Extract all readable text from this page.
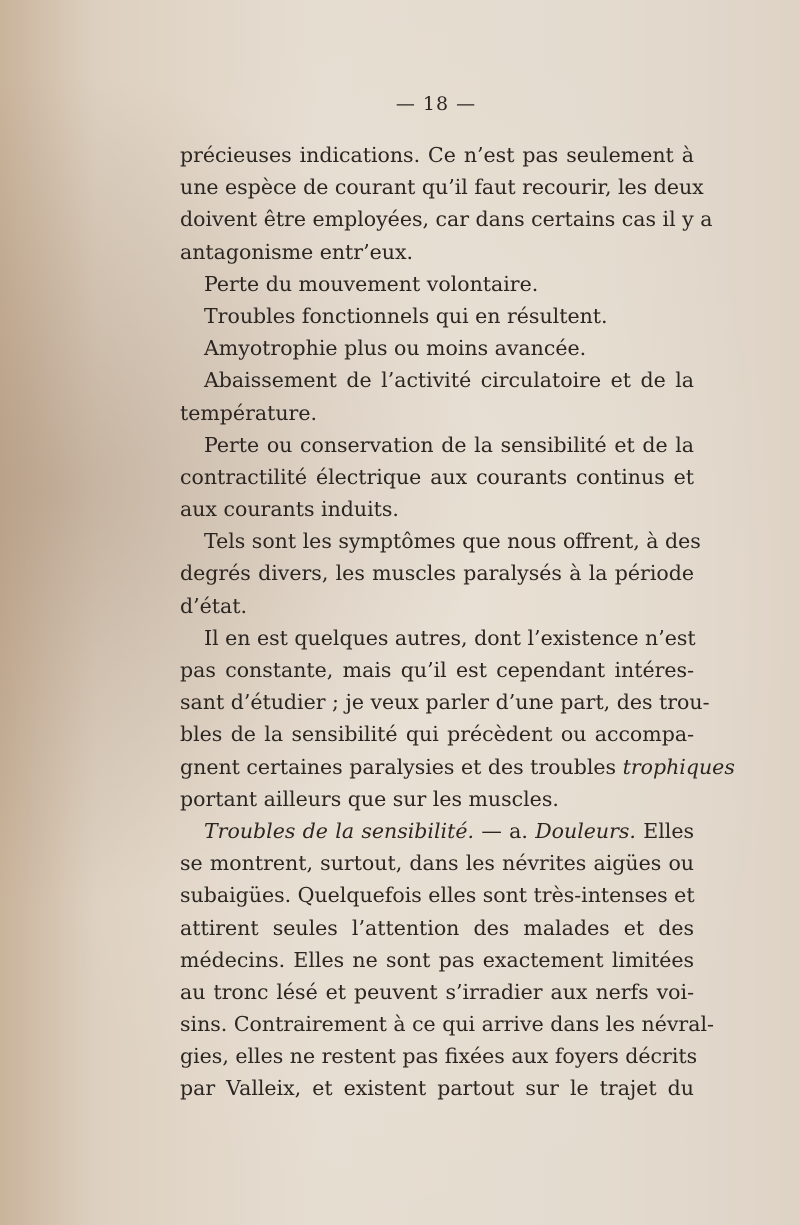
— 18 —
précieuses indications. Ce n’est pas seulement à
une espèce de courant qu’il faut recourir, les deux
doivent être employées, car dans certains cas il y a
antagonisme entr’eux.
Perte du mouvement volontaire.
Troubles fonctionnels qui en résultent.
Amyotrophie plus ou moins avancée.
Abaissement de l’activité circulatoire et de la
température.
Perte ou conservation de la sensibilité et de la
contractilité électrique aux courants continus et
aux courants induits.
Tels sont les symptômes que nous offrent, à des
degrés divers, les muscles paralysés à la période
d’état.
Il en est quelques autres, dont l’existence n’est
pas constante, mais qu’il est cependant intéres-
sant d’étudier ; je veux parler d’une part, des trou-
bles de la sensibilité qui précèdent ou accompa-
gnent certaines paralysies et des troubles trophiques
portant ailleurs que sur les muscles.
Troubles de la sensibilité. — a. Douleurs. Elles
se montrent, surtout, dans les névrites aigües ou
subaigües. Quelquefois elles sont très-intenses et
attirent seules l’attention des malades et des
médecins. Elles ne sont pas exactement limitées
au tronc lésé et peuvent s’irradier aux nerfs voi-
sins. Contrairement à ce qui arrive dans les névral-
gies, elles ne restent pas fixées aux foyers décrits
par Valleix, et existent partout sur le trajet du
